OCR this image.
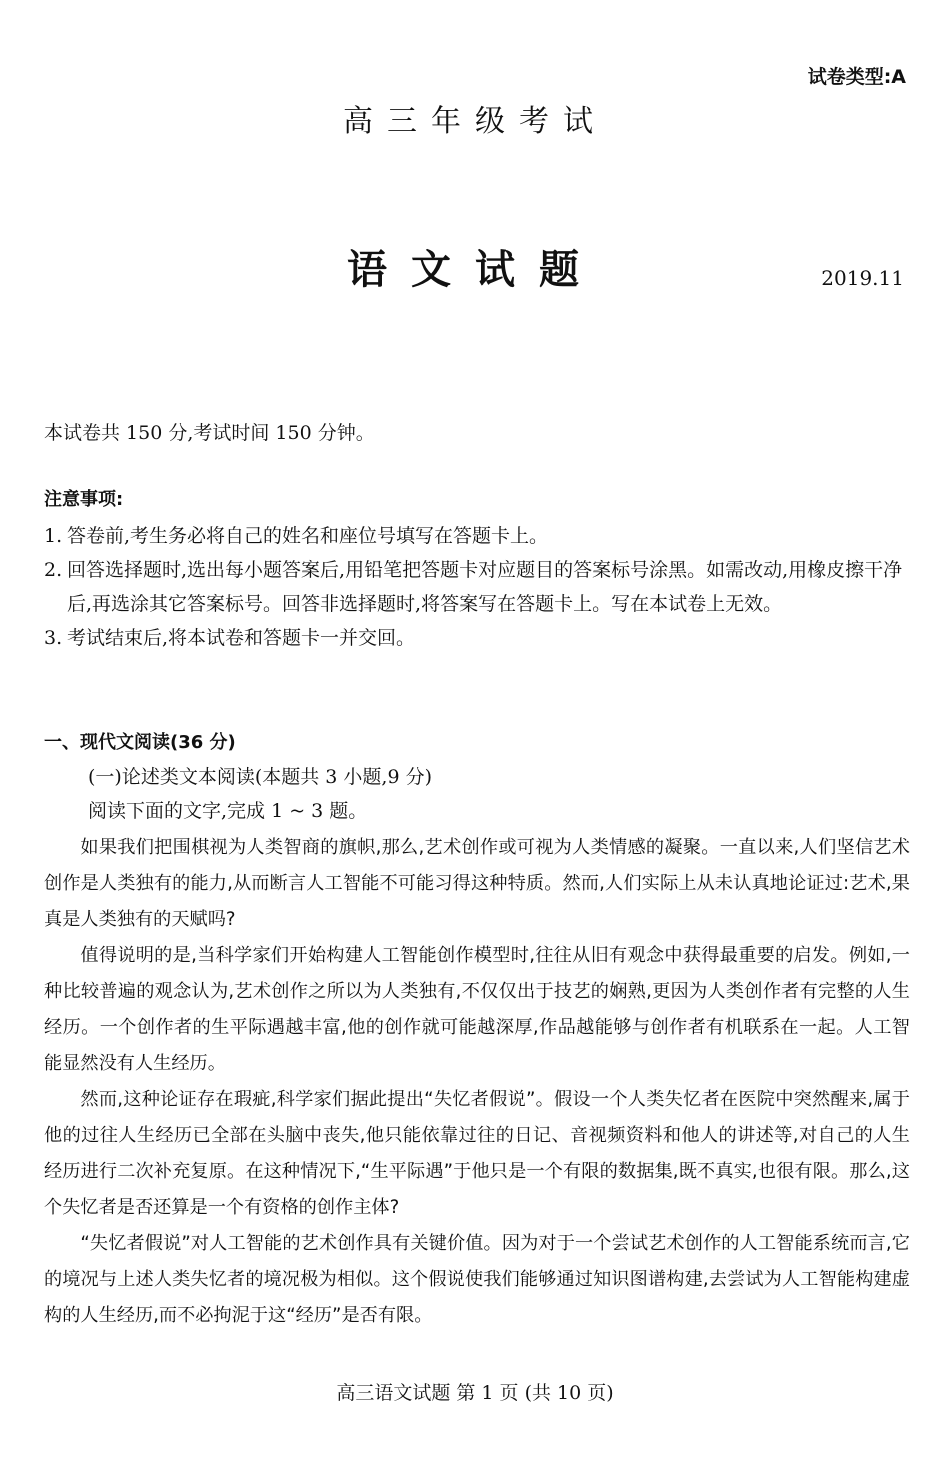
试卷类型:A
高三年级考试
语文试题	2019.11
本试卷共 150 分,考试时间 150 分钟。
注意事项:
1. 答卷前,考生务必将自己的姓名和座位号填写在答题卡上。
2. 回答选择题时,选出每小题答案后,用铅笔把答题卡对应题目的答案标号涂黑。如需改动,用橡皮擦干净后,再选涂其它答案标号。回答非选择题时,将答案写在答题卡上。写在本试卷上无效。
3. 考试结束后,将本试卷和答题卡一并交回。
一、现代文阅读(36 分)
(一)论述类文本阅读(本题共 3 小题,9 分)
阅读下面的文字,完成 1 ~ 3 题。

如果我们把围棋视为人类智商的旗帜,那么,艺术创作或可视为人类情感的凝聚。一直以来,人们坚信艺术创作是人类独有的能力,从而断言人工智能不可能习得这种特质。然而,人们实际上从未认真地论证过:艺术,果真是人类独有的天赋吗?

值得说明的是,当科学家们开始构建人工智能创作模型时,往往从旧有观念中获得最重要的启发。例如,一种比较普遍的观念认为,艺术创作之所以为人类独有,不仅仅出于技艺的娴熟,更因为人类创作者有完整的人生经历。一个创作者的生平际遇越丰富,他的创作就可能越深厚,作品越能够与创作者有机联系在一起。人工智能显然没有人生经历。

然而,这种论证存在瑕疵,科学家们据此提出“失忆者假说”。假设一个人类失忆者在医院中突然醒来,属于他的过往人生经历已全部在头脑中丧失,他只能依靠过往的日记、音视频资料和他人的讲述等,对自己的人生经历进行二次补充复原。在这种情况下,“生平际遇”于他只是一个有限的数据集,既不真实,也很有限。那么,这个失忆者是否还算是一个有资格的创作主体?

“失忆者假说”对人工智能的艺术创作具有关键价值。因为对于一个尝试艺术创作的人工智能系统而言,它的境况与上述人类失忆者的境况极为相似。这个假说使我们能够通过知识图谱构建,去尝试为人工智能构建虚构的人生经历,而不必拘泥于这“经历”是否有限。

高三语文试题 第 1 页 (共 10 页)
